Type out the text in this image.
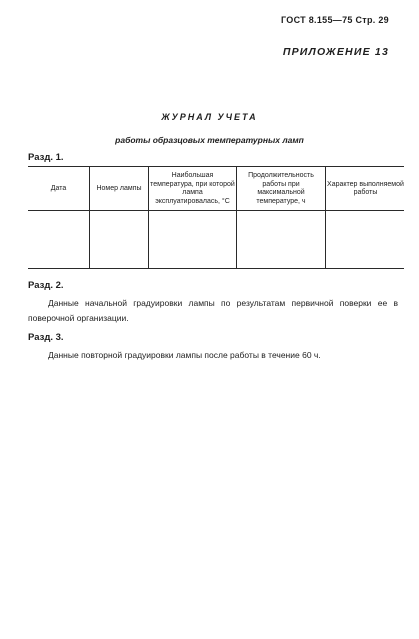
ГОСТ 8.155—75 Стр. 29
ПРИЛОЖЕНИЕ 13
ЖУРНАЛ УЧЕТА
работы образцовых температурных ламп
Разд. 1.
Дата	Номер лампы
Наибольшая температура, при которой лампа эксплуатировалась, °С
Продолжительность работы при максимальной температуре, ч
Характер выполняемой работы
Разд. 2.
Данные начальной градуировки лампы по результатам первичной поверки ее в поверочной организации.
Разд. 3.
Данные повторной градуировки лампы после работы в течение 60 ч.
